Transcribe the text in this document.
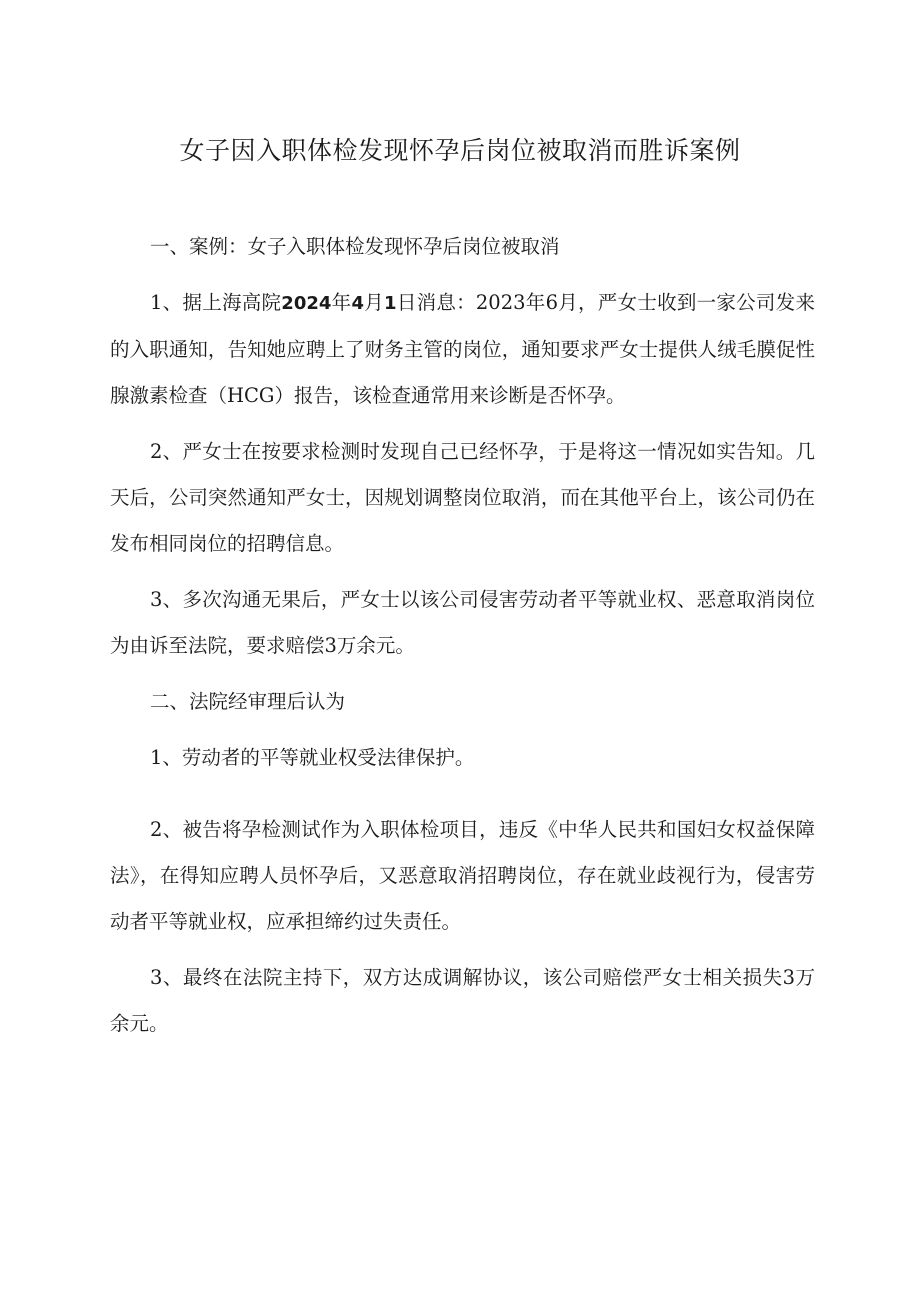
女子因入职体检发现怀孕后岗位被取消而胜诉案例

一、案例：女子入职体检发现怀孕后岗位被取消

1、据上海高院2024年4月1日消息：2023年6月，严女士收到一家公司发来的入职通知，告知她应聘上了财务主管的岗位，通知要求严女士提供人绒毛膜促性腺激素检查（HCG）报告，该检查通常用来诊断是否怀孕。

2、严女士在按要求检测时发现自己已经怀孕，于是将这一情况如实告知。几天后，公司突然通知严女士，因规划调整岗位取消，而在其他平台上，该公司仍在发布相同岗位的招聘信息。

3、多次沟通无果后，严女士以该公司侵害劳动者平等就业权、恶意取消岗位为由诉至法院，要求赔偿3万余元。

二、法院经审理后认为

1、劳动者的平等就业权受法律保护。

2、被告将孕检测试作为入职体检项目，违反《中华人民共和国妇女权益保障法》，在得知应聘人员怀孕后，又恶意取消招聘岗位，存在就业歧视行为，侵害劳动者平等就业权，应承担缔约过失责任。

3、最终在法院主持下，双方达成调解协议，该公司赔偿严女士相关损失3万余元。
